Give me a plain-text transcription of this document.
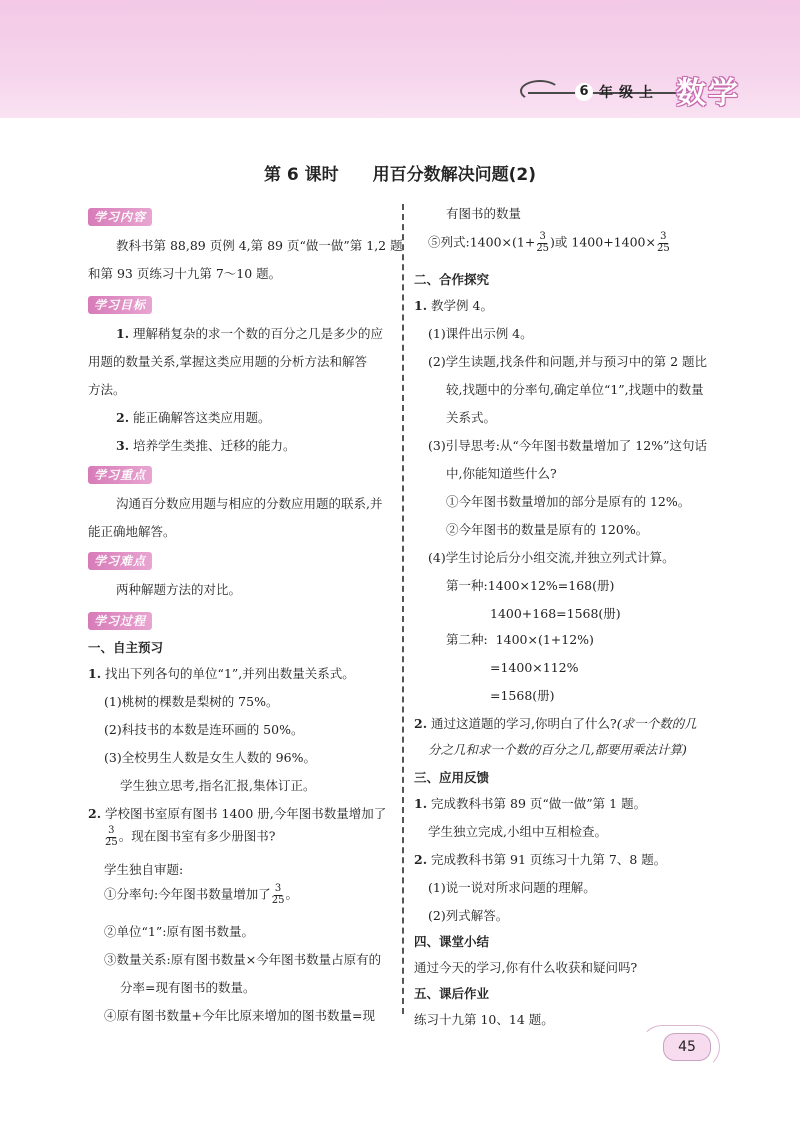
6 年 级 上 数学
第 6 课时 用百分数解决问题(2)
学习内容
教科书第 88,89 页例 4,第 89 页“做一做”第 1,2 题
和第 93 页练习十九第 7～10 题。
学习目标
1. 理解稍复杂的求一个数的百分之几是多少的应
用题的数量关系,掌握这类应用题的分析方法和解答
方法。
2. 能正确解答这类应用题。
3. 培养学生类推、迁移的能力。
学习重点
沟通百分数应用题与相应的分数应用题的联系,并
能正确地解答。
学习难点
两种解题方法的对比。
学习过程
一、自主预习
1. 找出下列各句的单位“1”,并列出数量关系式。
(1)桃树的棵数是梨树的 75%。
(2)科技书的本数是连环画的 50%。
(3)全校男生人数是女生人数的 96%。
学生独立思考,指名汇报,集体订正。
2. 学校图书室原有图书 1400 册,今年图书数量增加了
$\frac{3}{25}$ 。现在图书室有多少册图书?
学生独自审题:
①分率句:今年图书数量增加了 $\frac{3}{25}$ 。
②单位“1”:原有图书数量。
③数量关系:原有图书数量×今年图书数量占原有的
分率=现有图书的数量。
④原有图书数量+今年比原来增加的图书数量=现
有图书的数量
⑤列式:1400×(1+ $\frac{3}{25}$ )或 $1400+1400\times \frac{3}{25}$
二、合作探究
1. 教学例 4。
(1)课件出示例 4。
(2)学生读题,找条件和问题,并与预习中的第 2 题比
较,找题中的分率句,确定单位“1”,找题中的数量
关系式。
(3)引导思考:从“今年图书数量增加了 12%”这句话
中,你能知道些什么?
①今年图书数量增加的部分是原有的 12%。
②今年图书的数量是原有的 120%。
(4)学生讨论后分小组交流,并独立列式计算。
第一种:1400×12%=168(册)
1400+168=1568(册)
第二种: 1400×(1+12%)
=1400×112%
=1568(册)
2. 通过这道题的学习,你明白了什么?(求一个数的几
分之几和求一个数的百分之几,都要用乘法计算)
三、应用反馈
1. 完成教科书第 89 页“做一做”第 1 题。
学生独立完成,小组中互相检查。
2. 完成教科书第 91 页练习十九第 7、8 题。
(1)说一说对所求问题的理解。
(2)列式解答。
四、课堂小结
通过今天的学习,你有什么收获和疑问吗?
五、课后作业
练习十九第 10、14 题。
45
